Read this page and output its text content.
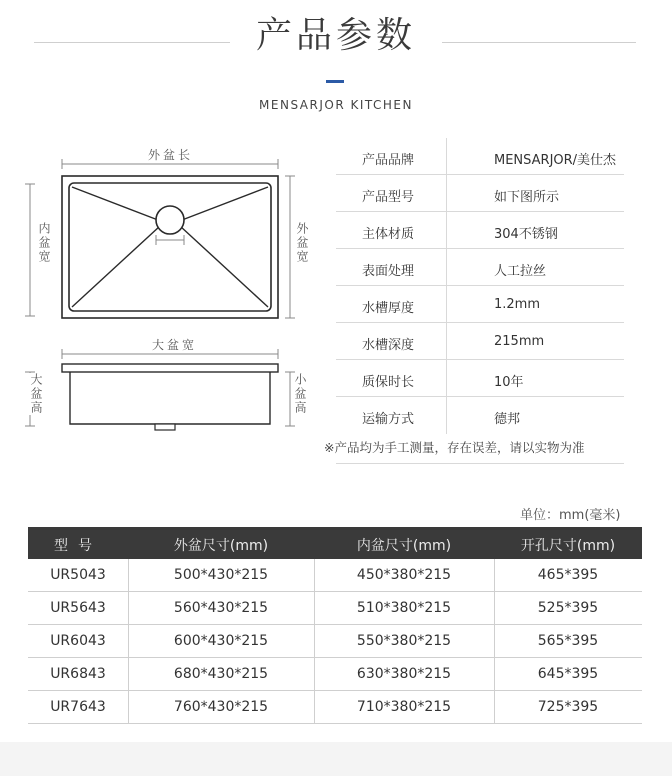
产品参数
MENSARJOR KITCHEN
外盆长
内盆宽	外盆宽
大盆宽
大盆高	小盆高
产品品牌	MENSARJOR/美仕杰
产品型号	如下图所示
主体材质	304不锈钢
表面处理	人工拉丝
水槽厚度	1.2mm
水槽深度	215mm
质保时长	10年
运输方式	德邦
※产品均为手工测量，存在误差，请以实物为准
单位：mm(毫米)
型号	外盆尺寸(mm)	内盆尺寸(mm)	开孔尺寸(mm)
UR5043	500*430*215	450*380*215	465*395
UR5643	560*430*215	510*380*215	525*395
UR6043	600*430*215	550*380*215	565*395
UR6843	680*430*215	630*380*215	645*395
UR7643	760*430*215	710*380*215	725*395
